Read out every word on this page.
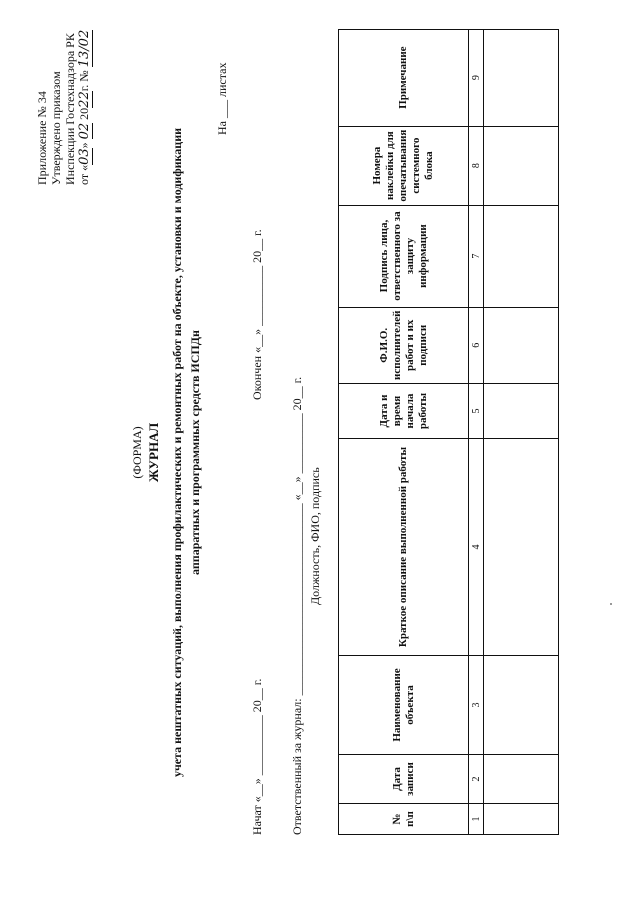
Приложение № 34 Утверждено приказом Инспекции Гостехнадзора РК от «03» 02 2022г. № 13/02
(ФОРМА) ЖУРНАЛ учета нештатных ситуаций, выполнения профилактических и ремонтных работ на объекте, установки и модификации аппаратных и программных средств ИСПДн
На ___ листах
Начат «__» __________ 20__ г.
Окончен «__» __________ 20__ г.
Ответственный за журнал: ________________________________ «__» __________ 20__ г. Должность, ФИО, подпись
№ п\п	Дата записи	Наименование объекта	Краткое описание выполненной работы	Дата и время начала работы	Ф.И.О. исполнителей работ и их подписи	Подпись лица, ответственного за защиту информации	Номера наклейки для опечатывания системного блока	Примечание
1	2	3	4	5	6	7	8	9
